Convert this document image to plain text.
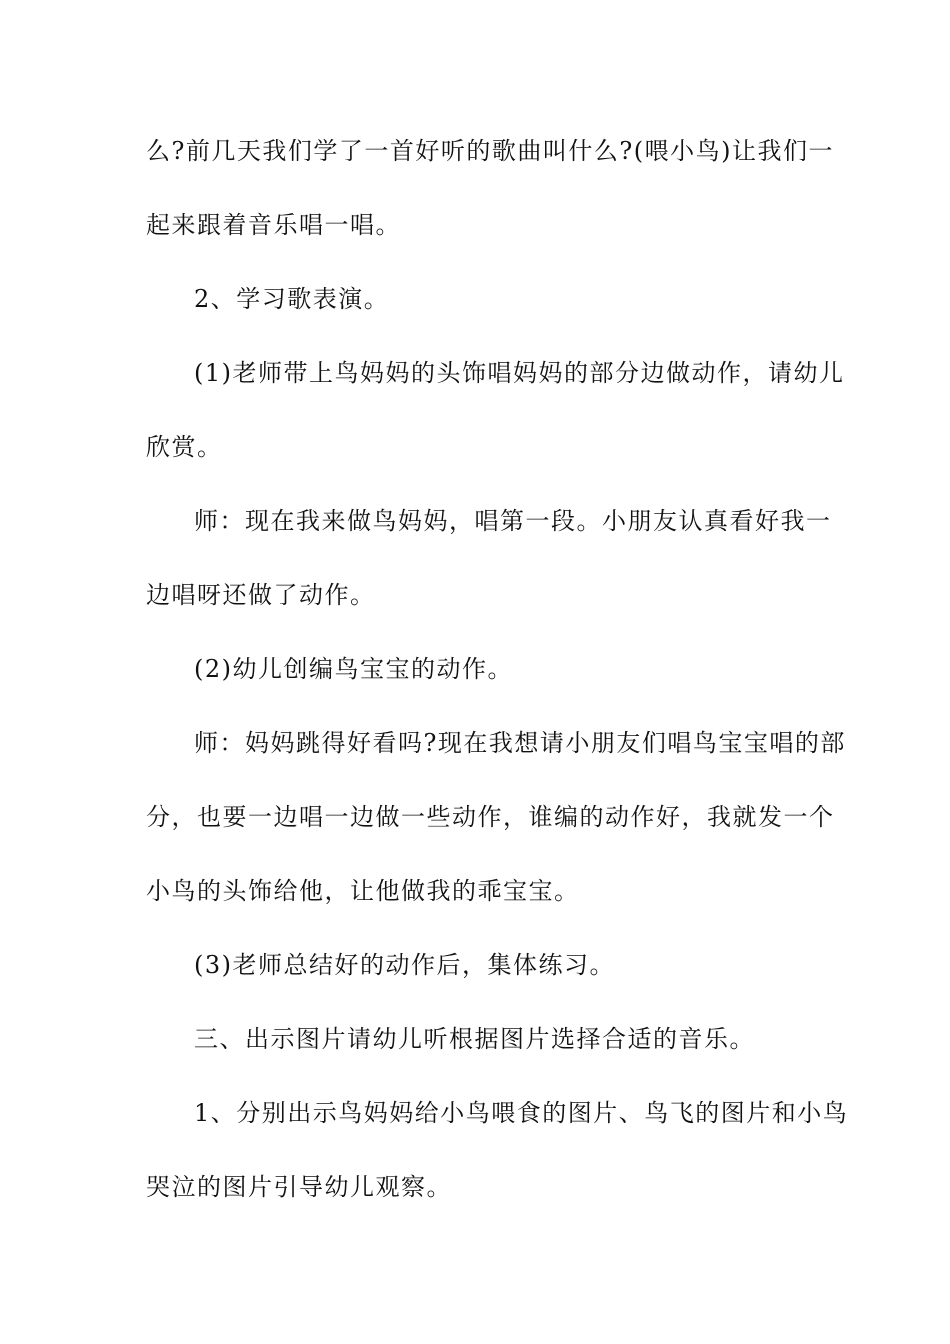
么?前几天我们学了一首好听的歌曲叫什么?(喂小鸟)让我们一
起来跟着音乐唱一唱。
2、学习歌表演。
(1)老师带上鸟妈妈的头饰唱妈妈的部分边做动作，请幼儿
欣赏。
师：现在我来做鸟妈妈，唱第一段。小朋友认真看好我一
边唱呀还做了动作。
(2)幼儿创编鸟宝宝的动作。
师：妈妈跳得好看吗?现在我想请小朋友们唱鸟宝宝唱的部
分，也要一边唱一边做一些动作，谁编的动作好，我就发一个
小鸟的头饰给他，让他做我的乖宝宝。
(3)老师总结好的动作后，集体练习。
三、出示图片请幼儿听根据图片选择合适的音乐。
1、分别出示鸟妈妈给小鸟喂食的图片、鸟飞的图片和小鸟
哭泣的图片引导幼儿观察。
